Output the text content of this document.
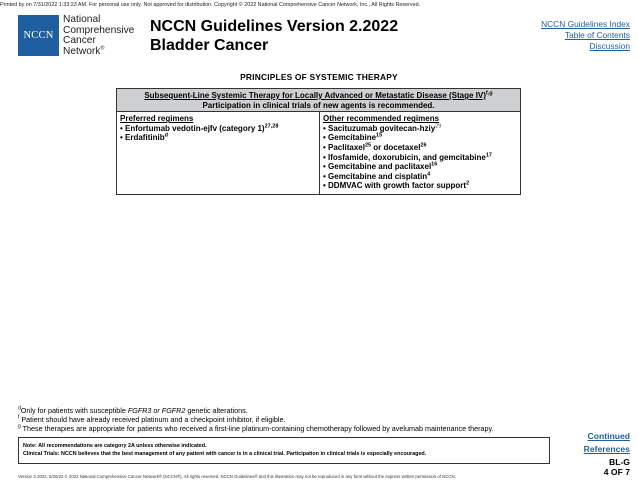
Printed by on 7/31/2022 1:33:23 AM. For personal use only. Not approved for distribution. Copyright © 2022 National Comprehensive Cancer Network, Inc., All Rights Reserved.
NCCN
National
Comprehensive
Cancer
Network®
NCCN Guidelines Version 2.2022
Bladder Cancer
NCCN Guidelines Index
Table of Contents
Discussion
PRINCIPLES OF SYSTEMIC THERAPY
Subsequent-Line Systemic Therapy for Locally Advanced or Metastatic Disease (Stage IV)$^{f,g}$
Participation in clinical trials of new agents is recommended.
Preferred regimens
• Enfortumab vedotin-ejfv (category 1)$^{27,28}$
• Erdafitinib$^d$
Other recommended regimens
• Sacituzumab govitecan-hziy$^{29}$
• Gemcitabine$^{15}$
• Paclitaxel$^{25}$ or docetaxel$^{26}$
• Ifosfamide, doxorubicin, and gemcitabine$^{17}$
• Gemcitabine and paclitaxel$^{16}$
• Gemcitabine and cisplatin$^4$
• DDMVAC with growth factor support$^2$
$^d$Only for patients with susceptible FGFR3 or FGFR2 genetic alterations.
$^f$ Patient should have already received platinum and a checkpoint inhibitor, if eligible.
$^g$ These therapies are appropriate for patients who received a first-line platinum-containing chemotherapy followed by avelumab maintenance therapy.
Note: All recommendations are category 2A unless otherwise indicated.
Clinical Trials: NCCN believes that the best management of any patient with cancer is in a clinical trial. Participation in clinical trials is especially encouraged.
Continued
References
BL-G
4 OF 7
Version 2.2022, 5/20/22 © 2022 National Comprehensive Cancer Network® (NCCN®), All rights reserved. NCCN Guidelines® and this illustration may not be reproduced in any form without the express written permission of NCCN.
